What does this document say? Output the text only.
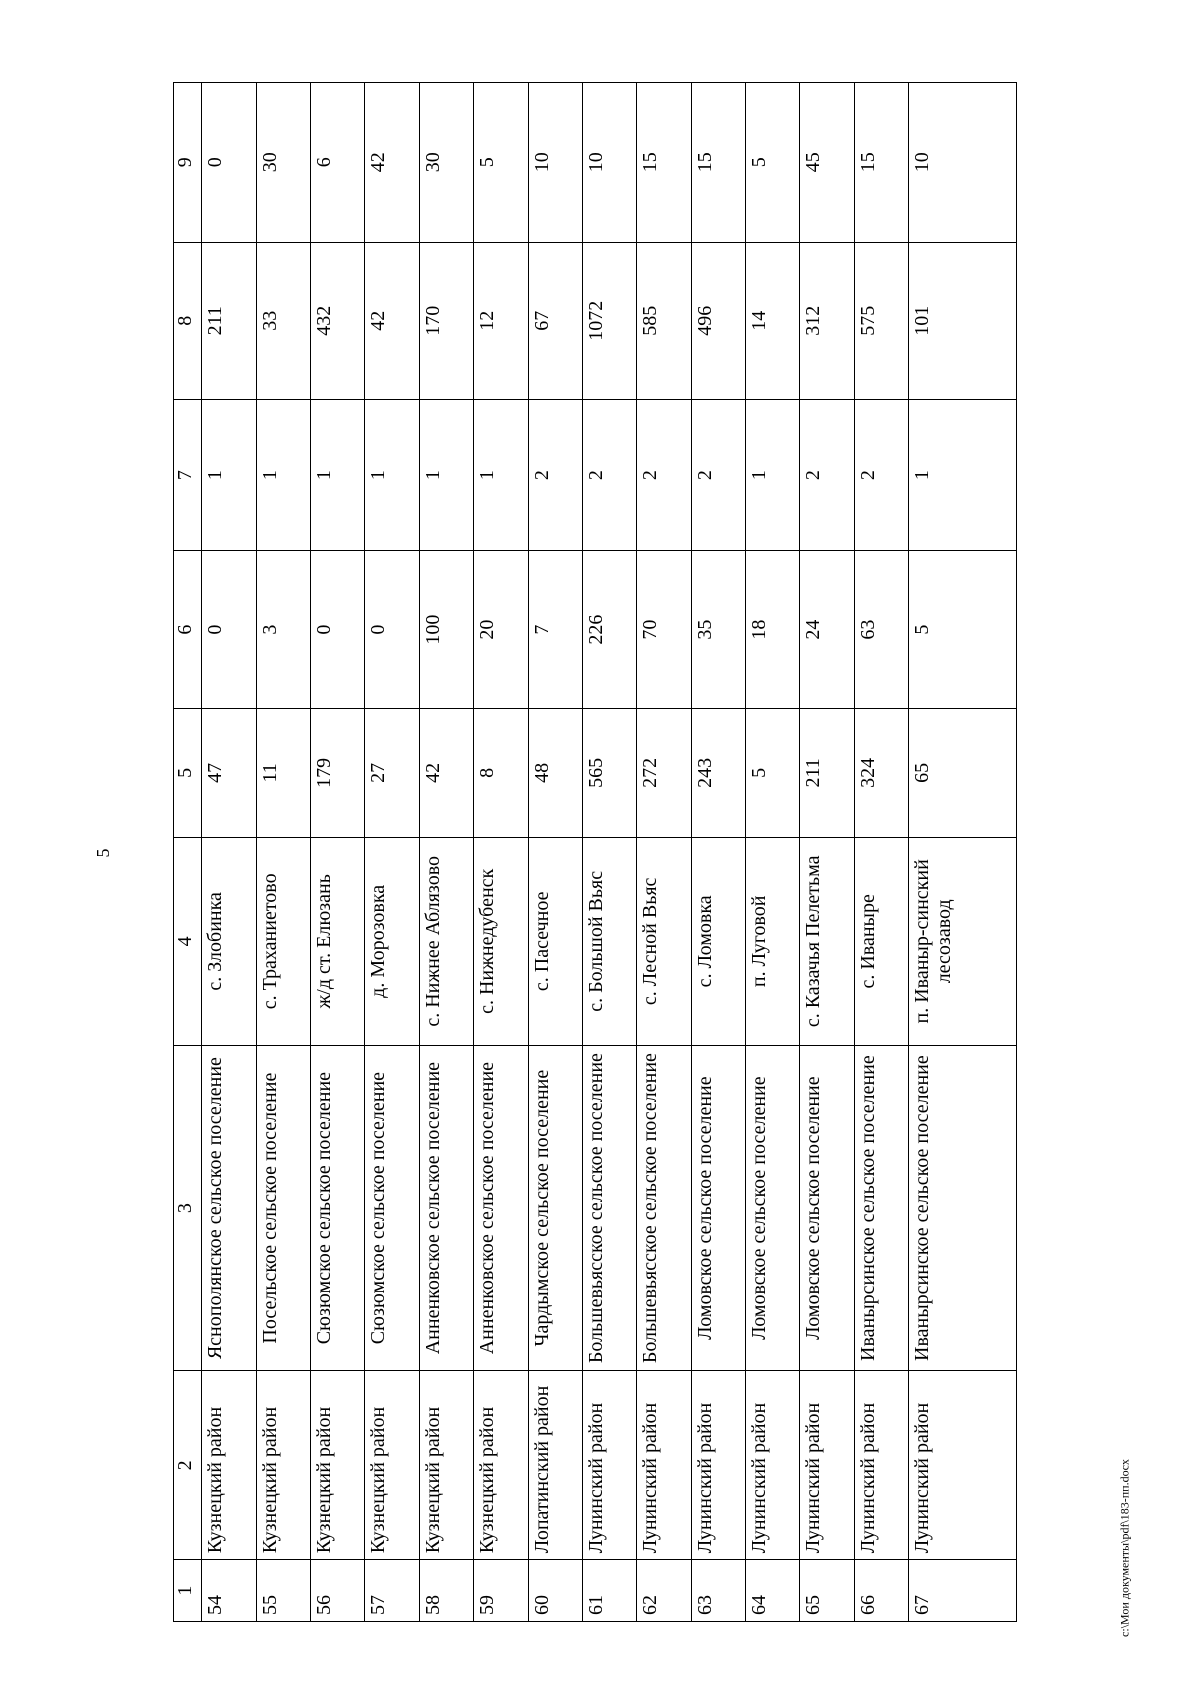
5
1	2	3	4	5	6	7	8	9
54	Кузнецкий район	Яснополянское сельское поселение	с. Злобинка	47	0	1	211	0
55	Кузнецкий район	Посельское сельское поселение	с. Траханиетово	11	3	1	33	30
56	Кузнецкий район	Сюзюмское сельское поселение	ж/д ст. Елюзань	179	0	1	432	6
57	Кузнецкий район	Сюзюмское сельское поселение	д. Морозовка	27	0	1	42	42
58	Кузнецкий район	Анненковское сельское поселение	с. Нижнее Аблязово	42	100	1	170	30
59	Кузнецкий район	Анненковское сельское поселение	с. Нижнедубенск	8	20	1	12	5
60	Лопатинский район	Чардымское сельское поселение	с. Пасечное	48	7	2	67	10
61	Лунинский район	Большевьясское сельское поселение	с. Большой Вьяс	565	226	2	1072	10
62	Лунинский район	Большевьясское сельское поселение	с. Лесной Вьяс	272	70	2	585	15
63	Лунинский район	Ломовское сельское поселение	с. Ломовка	243	35	2	496	15
64	Лунинский район	Ломовское сельское поселение	п. Луговой	5	18	1	14	5
65	Лунинский район	Ломовское сельское поселение	с. Казачья Пелетьма	211	24	2	312	45
66	Лунинский район	Иванырсинское сельское поселение	с. Иваныре	324	63	2	575	15
67	Лунинский район	Иванырсинское сельское поселение	п. Иваныр-синский лесозавод	65	5	1	101	10
c:\Мои документы\pdf\183-пп.docx
